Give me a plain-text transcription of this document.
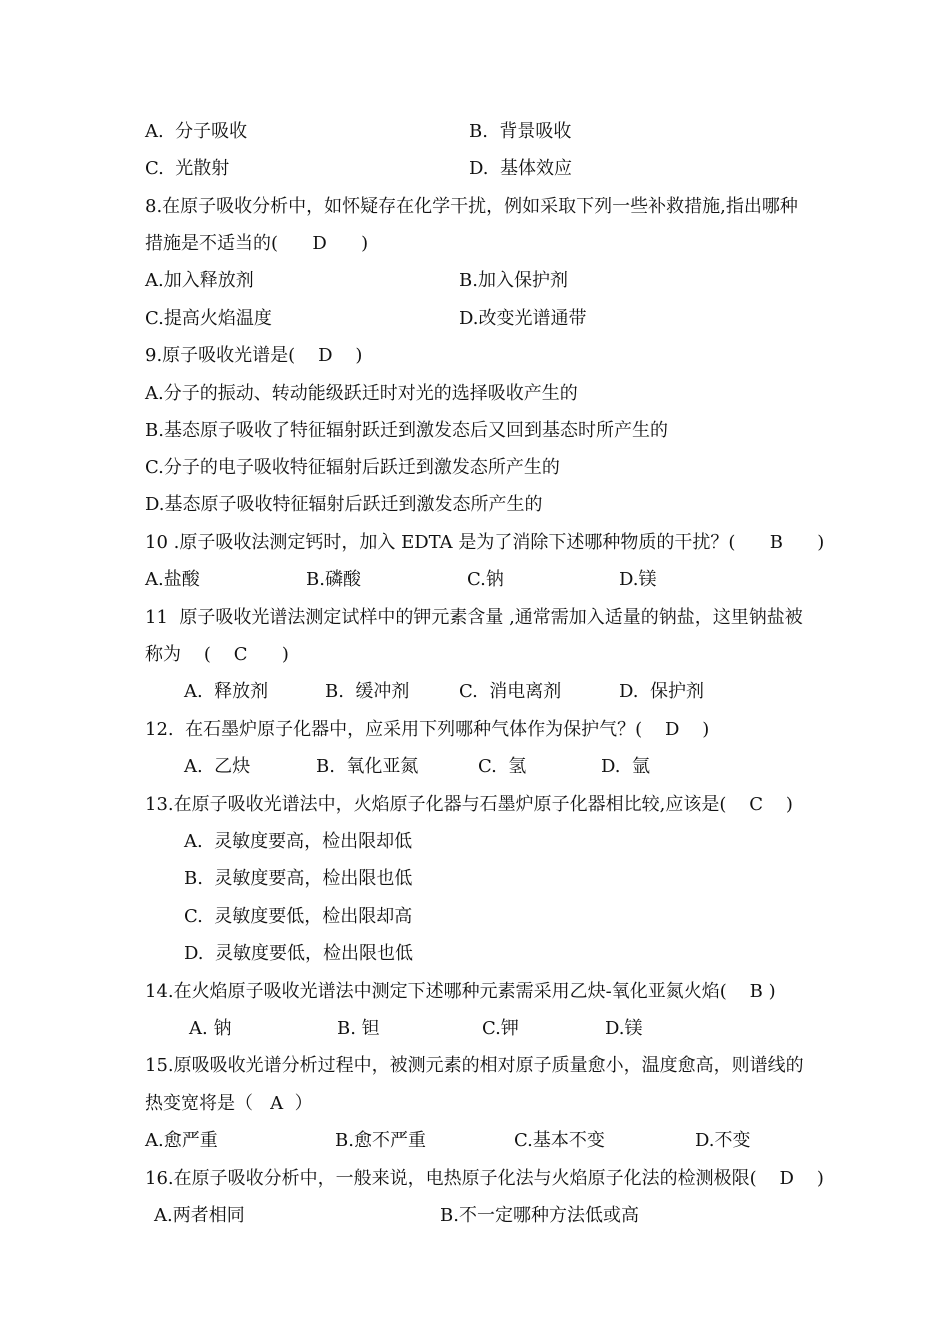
A.  分子吸收	B.  背景吸收
C.  光散射	D.  基体效应
8.在原子吸收分析中，如怀疑存在化学干扰，例如采取下列一些补救措施,指出哪种
措施是不适当的(      D      )
A.加入释放剂	B.加入保护剂
C.提高火焰温度	D.改变光谱通带
9.原子吸收光谱是(    D    )
A.分子的振动、转动能级跃迁时对光的选择吸收产生的
B.基态原子吸收了特征辐射跃迁到激发态后又回到基态时所产生的
C.分子的电子吸收特征辐射后跃迁到激发态所产生的
D.基态原子吸收特征辐射后跃迁到激发态所产生的
10 .原子吸收法测定钙时，加入 EDTA 是为了消除下述哪种物质的干扰？(      B      )
A.盐酸	B.磷酸	C.钠	D.镁
11  原子吸收光谱法测定试样中的钾元素含量 ,通常需加入适量的钠盐，这里钠盐被
称为    (    C      )
A.  释放剂	B.  缓冲剂	C.  消电离剂	D.  保护剂
12.  在石墨炉原子化器中，应采用下列哪种气体作为保护气？(    D    )
A.  乙炔	B.  氧化亚氮	C.  氢	D.  氩
13.在原子吸收光谱法中，火焰原子化器与石墨炉原子化器相比较,应该是(    C    )
A.  灵敏度要高，检出限却低
B.  灵敏度要高，检出限也低
C.  灵敏度要低，检出限却高
D.  灵敏度要低，检出限也低
14.在火焰原子吸收光谱法中测定下述哪种元素需采用乙炔-氧化亚氮火焰(    B )
A. 钠	B. 钽	C.钾	D.镁
15.原吸吸收光谱分析过程中，被测元素的相对原子质量愈小，温度愈高，则谱线的
热变宽将是（   A  ）
A.愈严重	B.愈不严重	C.基本不变	D.不变
16.在原子吸收分析中，一般来说，电热原子化法与火焰原子化法的检测极限(    D    )
A.两者相同	B.不一定哪种方法低或高
